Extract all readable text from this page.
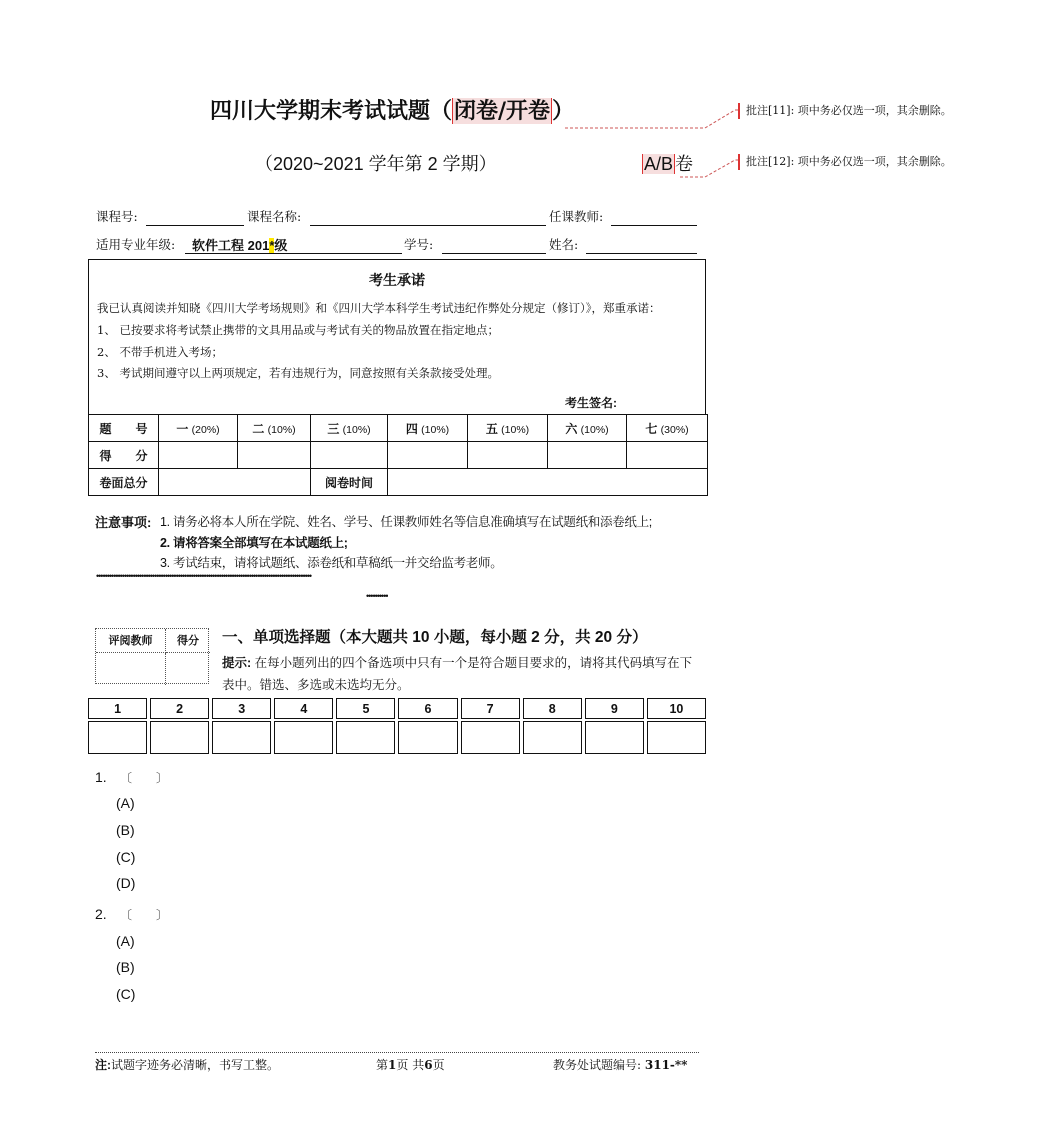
四川大学期末考试试题（闭卷/开卷）
（2020~2021 学年第 2 学期）	A/B 卷
批注[11]: 项中务必仅选一项，其余删除。
批注[12]: 项中务必仅选一项，其余删除。
课程号:	课程名称:	任课教师:
适用专业年级: 软件工程 201*级	学号:	姓名:
考生承诺
我已认真阅读并知晓《四川大学考场规则》和《四川大学本科学生考试违纪作弊处分规定（修订）》，郑重承诺：
1、 已按要求将考试禁止携带的文具用品或与考试有关的物品放置在指定地点；
2、 不带手机进入考场；
3、 考试期间遵守以上两项规定，若有违规行为，同意按照有关条款接受处理。
考生签名:
题　　号	一 (20%)	二 (10%)	三 (10%)	四 (10%)	五 (10%)	六 (10%)	七 (30%)
得　　分							
卷面总分			阅卷时间				
注意事项: 1. 请务必将本人所在学院、姓名、学号、任课教师姓名等信息准确填写在试题纸和添卷纸上;
2. 请将答案全部填写在本试题纸上;
3. 考试结束，请将试题纸、添卷纸和草稿纸一并交给监考老师。
••••••••••••••••••••••••••••••••••••••••••••••••••••••••••••••••••••••••••••••••••••••••••••••••••••
••••••••••
评阅教师	得分	一、单项选择题（本大题共 10 小题，每小题 2 分，共 20 分）
提示: 在每小题列出的四个备选项中只有一个是符合题目要求的，请将其代码填写在下表中。错选、多选或未选均无分。
1	2	3	4	5	6	7	8	9	10

1. 〔　　〕
(A)
(B)
(C)
(D)
2. 〔　　〕
(A)
(B)
(C)
注:试题字迹务必清晰，书写工整。	第1页 共6页	教务处试题编号: 311-**
